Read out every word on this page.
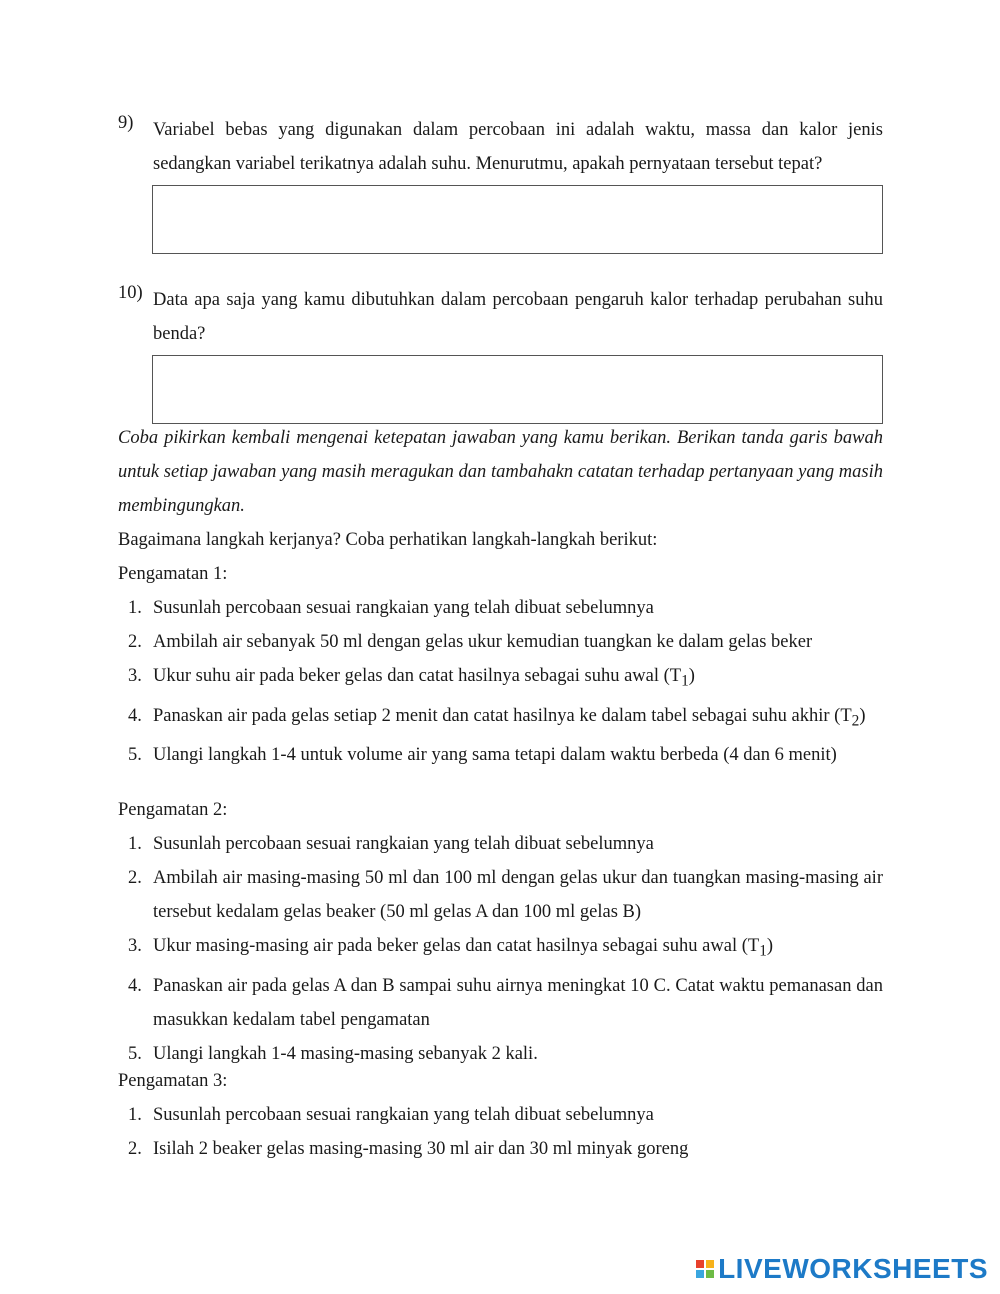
9)	Variabel bebas yang digunakan dalam percobaan ini adalah waktu, massa dan kalor jenis sedangkan variabel terikatnya adalah suhu. Menurutmu, apakah pernyataan tersebut tepat?
10) Data apa saja yang kamu dibutuhkan dalam percobaan pengaruh kalor terhadap perubahan suhu benda?
Coba pikirkan kembali mengenai ketepatan jawaban yang kamu berikan. Berikan tanda garis bawah untuk setiap jawaban yang masih meragukan dan tambahakn catatan terhadap pertanyaan yang masih membingungkan.
Bagaimana langkah kerjanya? Coba perhatikan langkah-langkah berikut:
Pengamatan 1:
1. Susunlah percobaan sesuai rangkaian yang telah dibuat sebelumnya
2. Ambilah air sebanyak 50 ml dengan gelas ukur kemudian tuangkan ke dalam gelas beker
3. Ukur suhu air pada beker gelas dan catat hasilnya sebagai suhu awal $(T_1)$
4. Panaskan air pada gelas setiap 2 menit dan catat hasilnya ke dalam tabel sebagai suhu akhir $(T_2)$
5. Ulangi langkah 1-4 untuk volume air yang sama tetapi dalam waktu berbeda (4 dan 6 menit)
Pengamatan 2:
1. Susunlah percobaan sesuai rangkaian yang telah dibuat sebelumnya
2. Ambilah air masing-masing 50 ml dan 100 ml dengan gelas ukur dan tuangkan masing-masing air tersebut kedalam gelas beaker (50 ml gelas A dan 100 ml gelas B)
3. Ukur masing-masing air pada beker gelas dan catat hasilnya sebagai suhu awal $(T_1)$
4. Panaskan air pada gelas A dan B sampai suhu airnya meningkat 10 C. Catat waktu pemanasan dan masukkan kedalam tabel pengamatan
5. Ulangi langkah 1-4 masing-masing sebanyak 2 kali.
Pengamatan 3:
1. Susunlah percobaan sesuai rangkaian yang telah dibuat sebelumnya
2. Isilah 2 beaker gelas masing-masing 30 ml air dan 30 ml minyak goreng
LIVEWORKSHEETS
